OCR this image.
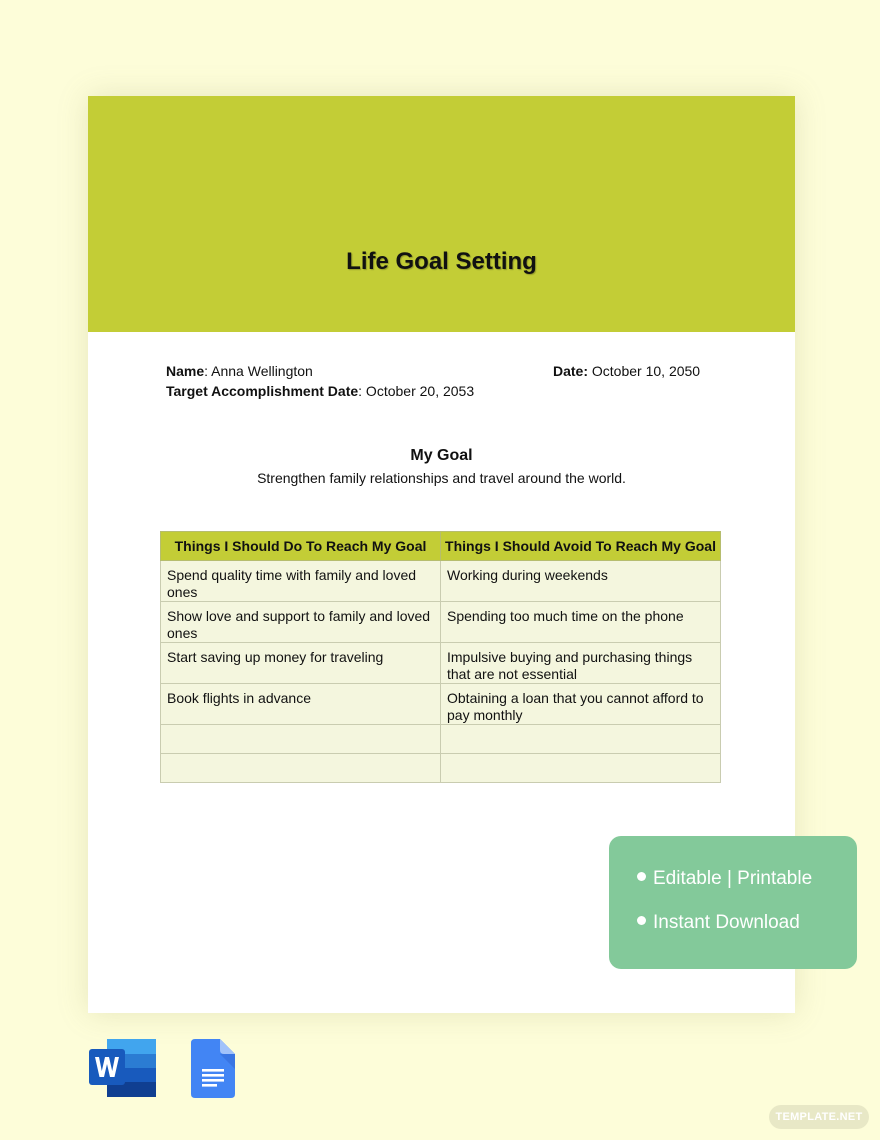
Life Goal Setting
Name: Anna Wellington
Target Accomplishment Date: October 20, 2053
Date: October 10, 2050
My Goal
Strengthen family relationships and travel around the world.
Things I Should Do To Reach My Goal	Things I Should Avoid To Reach My Goal
Spend quality time with family and loved ones	Working during weekends
Show love and support to family and loved ones	Spending too much time on the phone
Start saving up money for traveling	Impulsive buying and purchasing things that are not essential
Book flights in advance	Obtaining a loan that you cannot afford to pay monthly

Editable | Printable
Instant Download
TEMPLATE.NET
